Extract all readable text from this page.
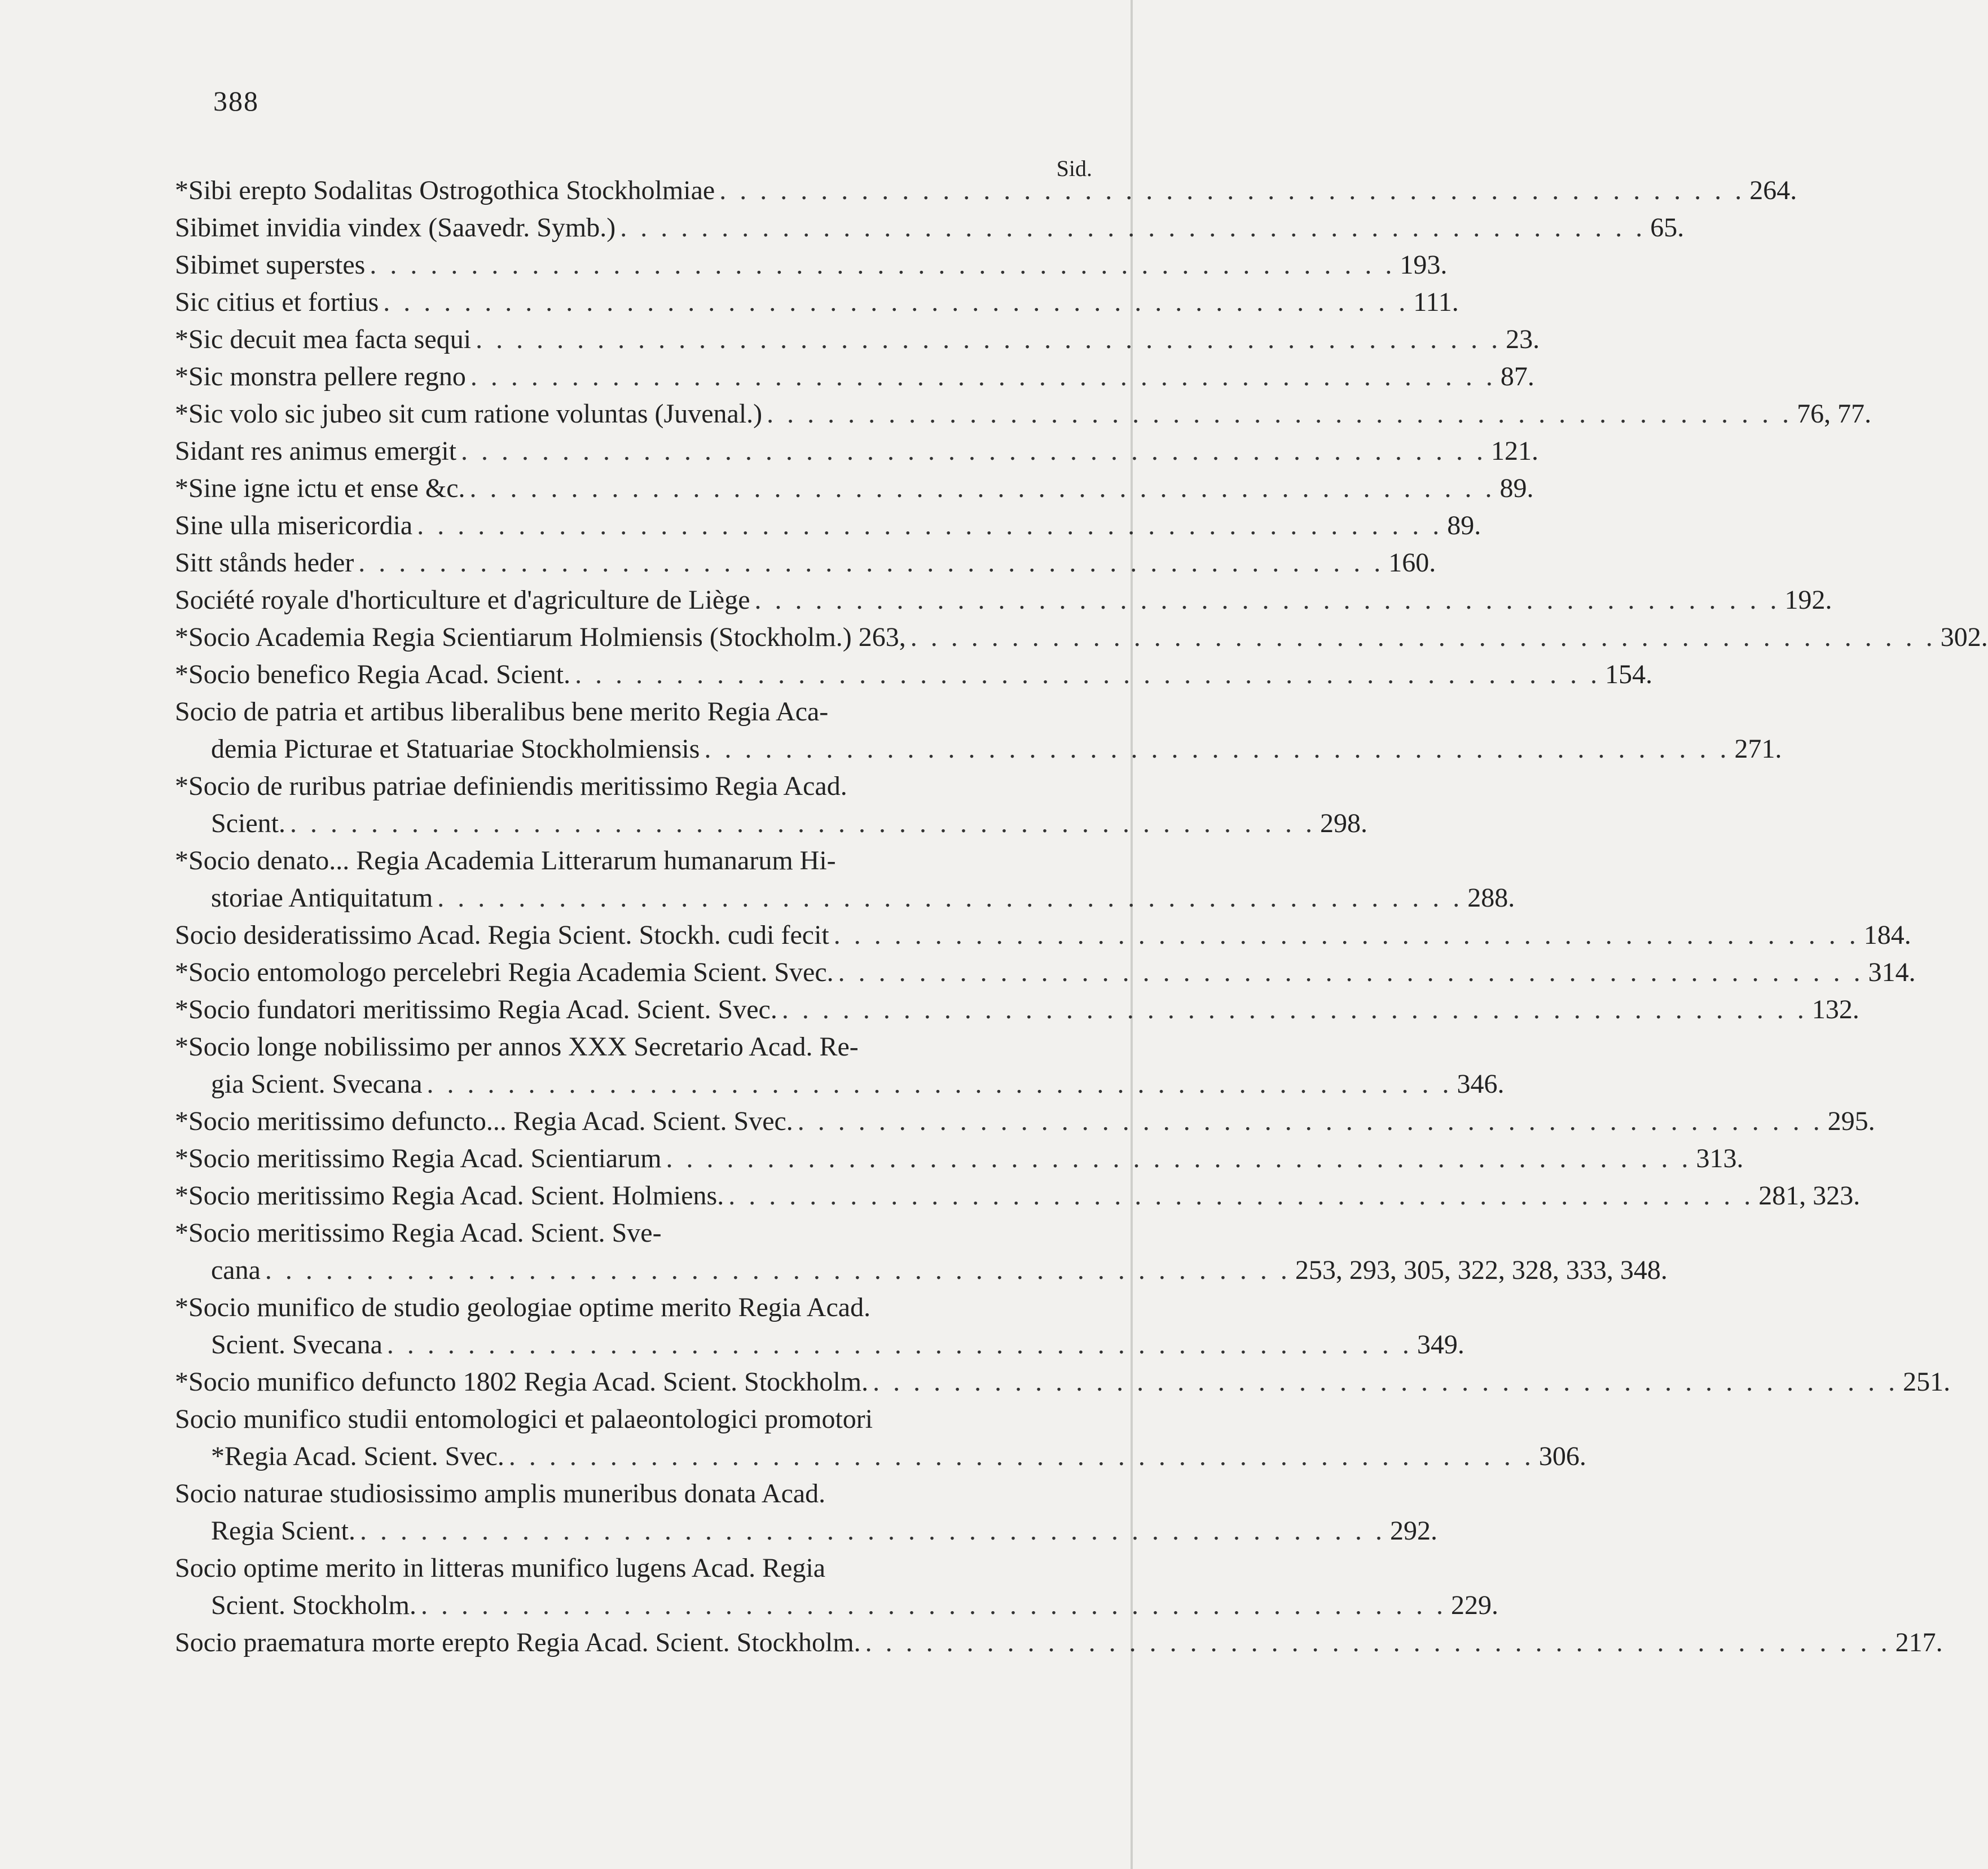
388
Sid.
*Sibi erepto Sodalitas Ostrogothica Stockholmiae . . . . . . . . . . . . . . . . . . . . . . . . . . . . . . . . . . . . . . . . . . . . . . . . . . . 264.
Sibimet invidia vindex (Saavedr. Symb.) . . . . . . . . . . . . . . . . . . . . . . . . . . . . . . . . . . . . . . . . . . . . . . . . . . . 65.
Sibimet superstes . . . . . . . . . . . . . . . . . . . . . . . . . . . . . . . . . . . . . . . . . . . . . . . . . . . 193.
Sic citius et fortius . . . . . . . . . . . . . . . . . . . . . . . . . . . . . . . . . . . . . . . . . . . . . . . . . . . 111.
*Sic decuit mea facta sequi . . . . . . . . . . . . . . . . . . . . . . . . . . . . . . . . . . . . . . . . . . . . . . . . . . . 23.
*Sic monstra pellere regno . . . . . . . . . . . . . . . . . . . . . . . . . . . . . . . . . . . . . . . . . . . . . . . . . . . 87.
*Sic volo sic jubeo sit cum ratione voluntas (Juvenal.) . . . . . . . . . . . . . . . . . . . . . . . . . . . . . . . . . . . . . . . . . . . . . . . . . . . 76, 77.
Sidant res animus emergit . . . . . . . . . . . . . . . . . . . . . . . . . . . . . . . . . . . . . . . . . . . . . . . . . . . 121.
*Sine igne ictu et ense &c. . . . . . . . . . . . . . . . . . . . . . . . . . . . . . . . . . . . . . . . . . . . . . . . . . . . 89.
Sine ulla misericordia . . . . . . . . . . . . . . . . . . . . . . . . . . . . . . . . . . . . . . . . . . . . . . . . . . . 89.
Sitt stånds heder . . . . . . . . . . . . . . . . . . . . . . . . . . . . . . . . . . . . . . . . . . . . . . . . . . . 160.
Société royale d'horticulture et d'agriculture de Liège . . . . . . . . . . . . . . . . . . . . . . . . . . . . . . . . . . . . . . . . . . . . . . . . . . . 192.
*Socio Academia Regia Scientiarum Holmiensis (Stockholm.) 263, . . . . . . . . . . . . . . . . . . . . . . . . . . . . . . . . . . . . . . . . . . . . . . . . . . . 302.
*Socio benefico Regia Acad. Scient. . . . . . . . . . . . . . . . . . . . . . . . . . . . . . . . . . . . . . . . . . . . . . . . . . . . 154.
Socio de patria et artibus liberalibus bene merito Regia Aca-
demia Picturae et Statuariae Stockholmiensis . . . . . . . . . . . . . . . . . . . . . . . . . . . . . . . . . . . . . . . . . . . . . . . . . . . 271.
*Socio de ruribus patriae definiendis meritissimo Regia Acad.
Scient. . . . . . . . . . . . . . . . . . . . . . . . . . . . . . . . . . . . . . . . . . . . . . . . . . . . 298.
*Socio denato... Regia Academia Litterarum humanarum Hi-
storiae Antiquitatum . . . . . . . . . . . . . . . . . . . . . . . . . . . . . . . . . . . . . . . . . . . . . . . . . . . 288.
Socio desideratissimo Acad. Regia Scient. Stockh. cudi fecit . . . . . . . . . . . . . . . . . . . . . . . . . . . . . . . . . . . . . . . . . . . . . . . . . . . 184.
*Socio entomologo percelebri Regia Academia Scient. Svec. . . . . . . . . . . . . . . . . . . . . . . . . . . . . . . . . . . . . . . . . . . . . . . . . . . . 314.
*Socio fundatori meritissimo Regia Acad. Scient. Svec. . . . . . . . . . . . . . . . . . . . . . . . . . . . . . . . . . . . . . . . . . . . . . . . . . . . 132.
*Socio longe nobilissimo per annos XXX Secretario Acad. Re-
gia Scient. Svecana . . . . . . . . . . . . . . . . . . . . . . . . . . . . . . . . . . . . . . . . . . . . . . . . . . . 346.
*Socio meritissimo defuncto... Regia Acad. Scient. Svec. . . . . . . . . . . . . . . . . . . . . . . . . . . . . . . . . . . . . . . . . . . . . . . . . . . . 295.
*Socio meritissimo Regia Acad. Scientiarum . . . . . . . . . . . . . . . . . . . . . . . . . . . . . . . . . . . . . . . . . . . . . . . . . . . 313.
*Socio meritissimo Regia Acad. Scient. Holmiens. . . . . . . . . . . . . . . . . . . . . . . . . . . . . . . . . . . . . . . . . . . . . . . . . . . . 281, 323.
*Socio meritissimo Regia Acad. Scient. Sve-
cana . . . . . . . . . . . . . . . . . . . . . . . . . . . . . . . . . . . . . . . . . . . . . . . . . . . 253, 293, 305, 322, 328, 333, 348.
*Socio munifico de studio geologiae optime merito Regia Acad.
Scient. Svecana . . . . . . . . . . . . . . . . . . . . . . . . . . . . . . . . . . . . . . . . . . . . . . . . . . . 349.
*Socio munifico defuncto 1802 Regia Acad. Scient. Stockholm. . . . . . . . . . . . . . . . . . . . . . . . . . . . . . . . . . . . . . . . . . . . . . . . . . . . 251.
Socio munifico studii entomologici et palaeontologici promotori
*Regia Acad. Scient. Svec. . . . . . . . . . . . . . . . . . . . . . . . . . . . . . . . . . . . . . . . . . . . . . . . . . . . 306.
Socio naturae studiosissimo amplis muneribus donata Acad.
Regia Scient. . . . . . . . . . . . . . . . . . . . . . . . . . . . . . . . . . . . . . . . . . . . . . . . . . . . 292.
Socio optime merito in litteras munifico lugens Acad. Regia
Scient. Stockholm. . . . . . . . . . . . . . . . . . . . . . . . . . . . . . . . . . . . . . . . . . . . . . . . . . . . 229.
Socio praematura morte erepto Regia Acad. Scient. Stockholm. . . . . . . . . . . . . . . . . . . . . . . . . . . . . . . . . . . . . . . . . . . . . . . . . . . . 217.
